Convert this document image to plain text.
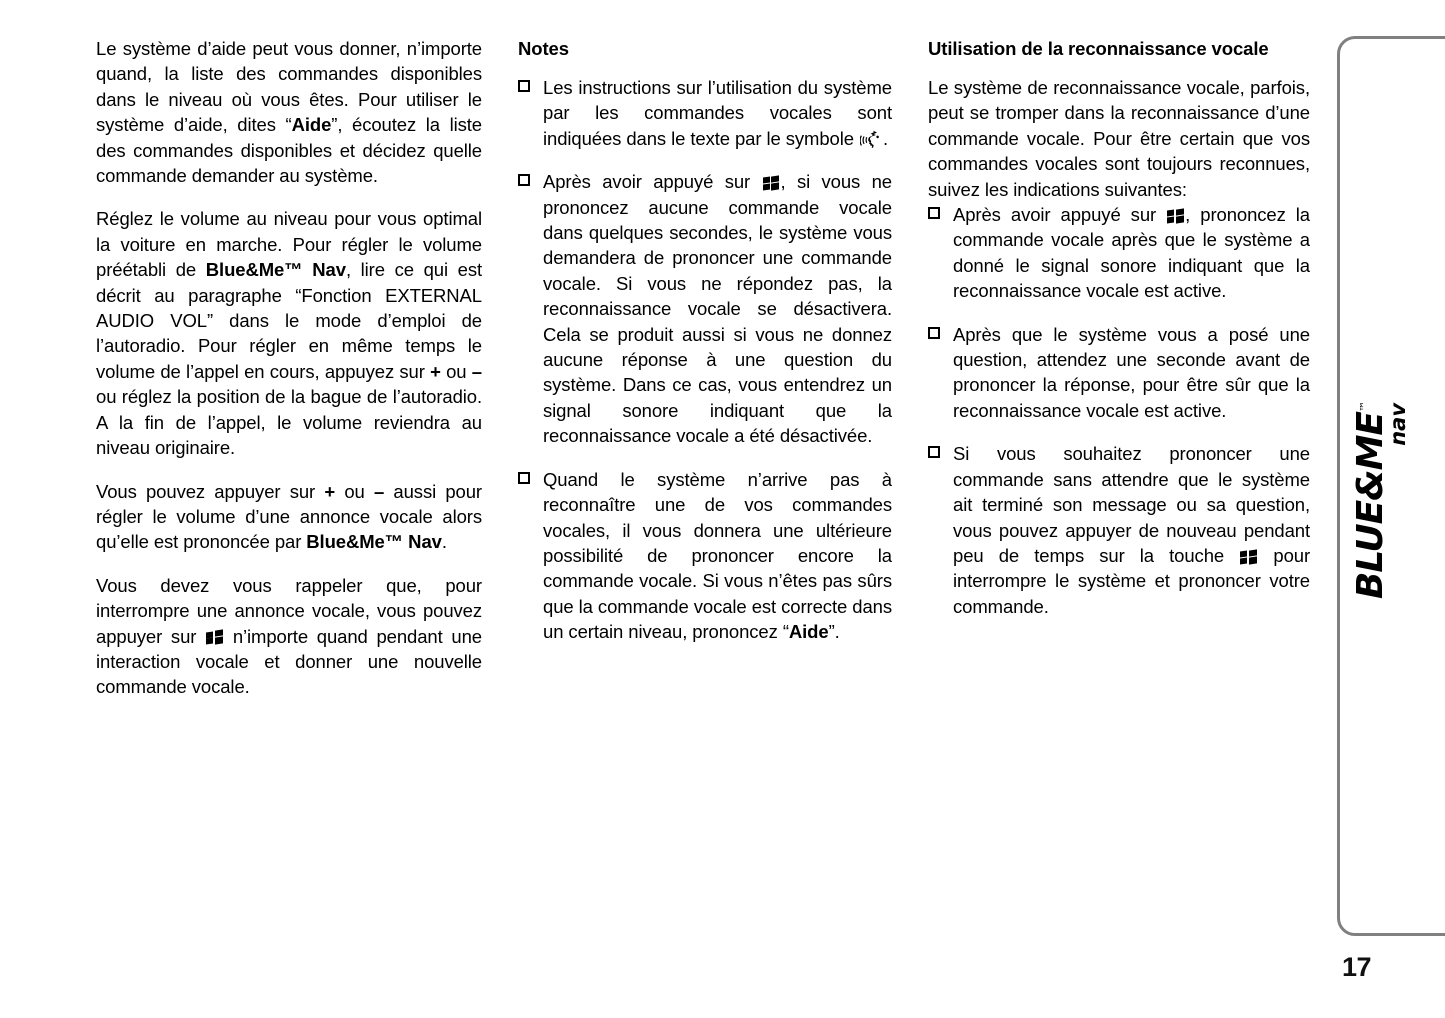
Le système d’aide peut vous donner, n’importe quand, la liste des commandes disponibles dans le niveau où vous êtes. Pour utiliser le système d’aide, dites “Aide”, écoutez la liste des commandes disponibles et décidez quelle commande demander au système.

Réglez le volume au niveau pour vous optimal la voiture en marche. Pour régler le volume préétabli de Blue&Me™ Nav, lire ce qui est décrit au paragraphe “Fonction EXTERNAL AUDIO VOL” dans le mode d’emploi de l’autoradio. Pour régler en même temps le volume de l’appel en cours, appuyez sur + ou – ou réglez la position de la bague de l’autoradio. A la fin de l’appel, le volume reviendra au niveau originaire.

Vous pouvez appuyer sur + ou – aussi pour régler le volume d’une annonce vocale alors qu’elle est prononcée par Blue&Me™ Nav.

Vous devez vous rappeler que, pour interrompre une annonce vocale, vous pouvez appuyer sur
n’importe quand pendant une interaction vocale et donner une nouvelle commande vocale.

Notes
Les instructions sur l’utilisation du système par les commandes vocales sont indiquées dans le texte par le symbole .
Après avoir appuyé sur
, si vous ne prononcez aucune commande vocale dans quelques secondes, le système vous demandera de prononcer une commande vocale. Si vous ne répondez pas, la reconnaissance vocale se désactivera. Cela se produit aussi si vous ne donnez aucune réponse à une question du système. Dans ce cas, vous entendrez un signal sonore indiquant que la reconnaissance vocale a été désactivée.
Quand le système n’arrive pas à reconnaître une de vos commandes vocales, il vous donnera une ultérieure possibilité de prononcer encore la commande vocale. Si vous n’êtes pas sûrs que la commande vocale est correcte dans un certain niveau, prononcez “Aide”.
Utilisation de la reconnaissance vocale

Le système de reconnaissance vocale, parfois, peut se tromper dans la reconnaissance d’une commande vocale. Pour être certain que vos commandes vocales sont toujours reconnues, suivez les indications suivantes:

Après avoir appuyé sur
, prononcez la commande vocale après que le système a donné le signal sonore indiquant que la reconnaissance vocale est active.
Après que le système vous a posé une question, attendez une seconde avant de prononcer la réponse, pour être sûr que la reconnaissance vocale est active.
Si vous souhaitez prononcer une commande sans attendre que le système ait terminé son message ou sa question, vous pouvez appuyer de nouveau pendant peu de temps sur la touche
pour interrompre le système et prononcer votre commande.
BLUE&ME™ nav
17
